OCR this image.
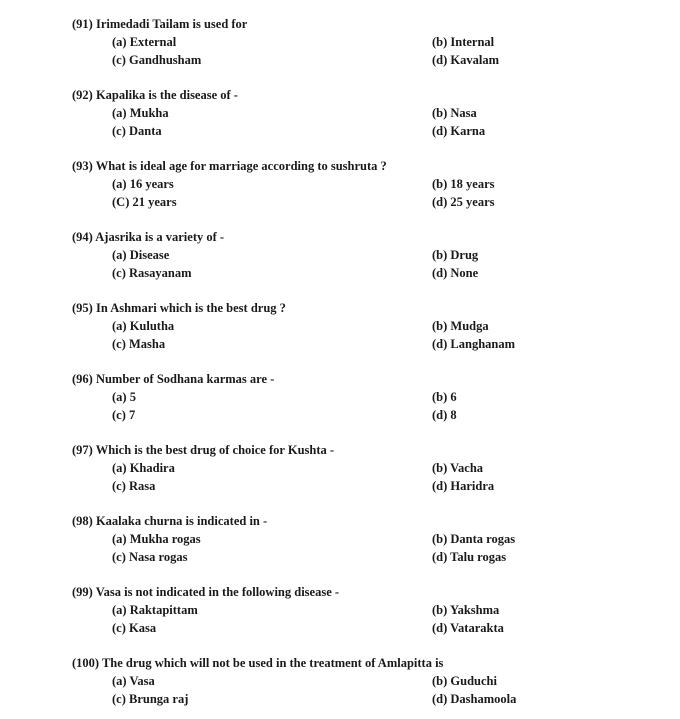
(91) Irimedadi Tailam is used for
(a) External	(b) Internal
(c) Gandhusham	(d) Kavalam
(92) Kapalika is the disease of -
(a) Mukha	(b) Nasa
(c) Danta	(d) Karna
(93) What is ideal age for marriage according to sushruta ?
(a) 16 years	(b) 18 years
(C) 21 years	(d) 25 years
(94) Ajasrika is a variety of -
(a) Disease	(b) Drug
(c) Rasayanam	(d) None
(95) In Ashmari which is the best drug ?
(a) Kulutha	(b) Mudga
(c) Masha	(d) Langhanam
(96) Number of Sodhana karmas are -
(a) 5	(b) 6
(c) 7	(d) 8
(97) Which is the best drug of choice for Kushta -
(a) Khadira	(b) Vacha
(c) Rasa	(d) Haridra
(98) Kaalaka churna is indicated in -
(a) Mukha rogas	(b) Danta rogas
(c) Nasa rogas	(d) Talu rogas
(99) Vasa is not indicated in the following disease -
(a) Raktapittam	(b) Yakshma
(c) Kasa	(d) Vatarakta
(100) The drug which will not be used in the treatment of Amlapitta is
(a) Vasa	(b) Guduchi
(c) Brunga raj	(d) Dashamoola
